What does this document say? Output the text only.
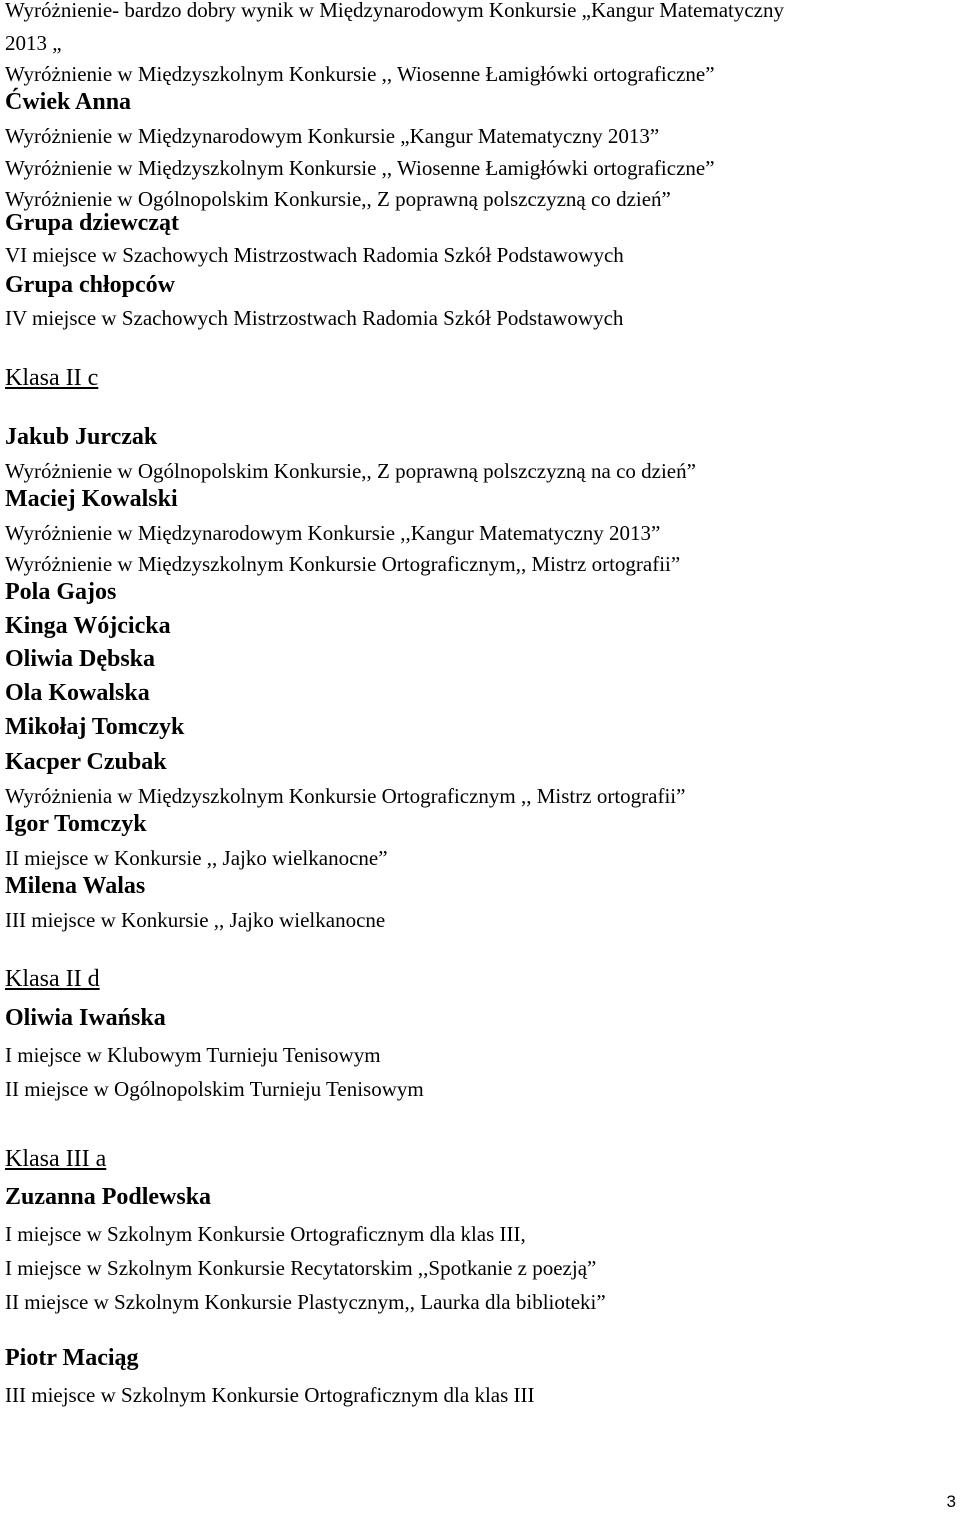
Wyróżnienie- bardzo dobry wynik w Międzynarodowym Konkursie „Kangur Matematyczny
2013 „
Wyróżnienie w Międzyszkolnym Konkursie ,, Wiosenne Łamigłówki ortograficzne”
Ćwiek Anna
Wyróżnienie w Międzynarodowym Konkursie „Kangur Matematyczny 2013”
Wyróżnienie w Międzyszkolnym Konkursie ,, Wiosenne Łamigłówki ortograficzne”
Wyróżnienie w Ogólnopolskim Konkursie,, Z poprawną polszczyzną co dzień”
Grupa dziewcząt
VI miejsce w Szachowych Mistrzostwach Radomia Szkół Podstawowych
Grupa chłopców
IV miejsce w Szachowych Mistrzostwach Radomia Szkół Podstawowych
Klasa II c
Jakub Jurczak
Wyróżnienie w Ogólnopolskim Konkursie,, Z poprawną polszczyzną na co dzień”
Maciej Kowalski
Wyróżnienie w Międzynarodowym Konkursie ,,Kangur Matematyczny 2013”
Wyróżnienie w Międzyszkolnym Konkursie Ortograficznym,, Mistrz ortografii”
Pola Gajos
Kinga Wójcicka
Oliwia Dębska
Ola Kowalska
Mikołaj Tomczyk
Kacper Czubak
Wyróżnienia w Międzyszkolnym Konkursie Ortograficznym ,, Mistrz ortografii”
Igor Tomczyk
II miejsce w Konkursie ,, Jajko wielkanocne”
Milena Walas
III miejsce w Konkursie ,, Jajko wielkanocne
Klasa II d
Oliwia Iwańska
I miejsce w Klubowym Turnieju Tenisowym
II miejsce w Ogólnopolskim Turnieju Tenisowym
Klasa III a
Zuzanna Podlewska
I miejsce w Szkolnym Konkursie Ortograficznym dla klas III,
I miejsce w Szkolnym Konkursie Recytatorskim ,,Spotkanie z poezją”
II miejsce w Szkolnym Konkursie Plastycznym,, Laurka dla biblioteki”
Piotr Maciąg
III miejsce w Szkolnym Konkursie Ortograficznym dla klas III
3
